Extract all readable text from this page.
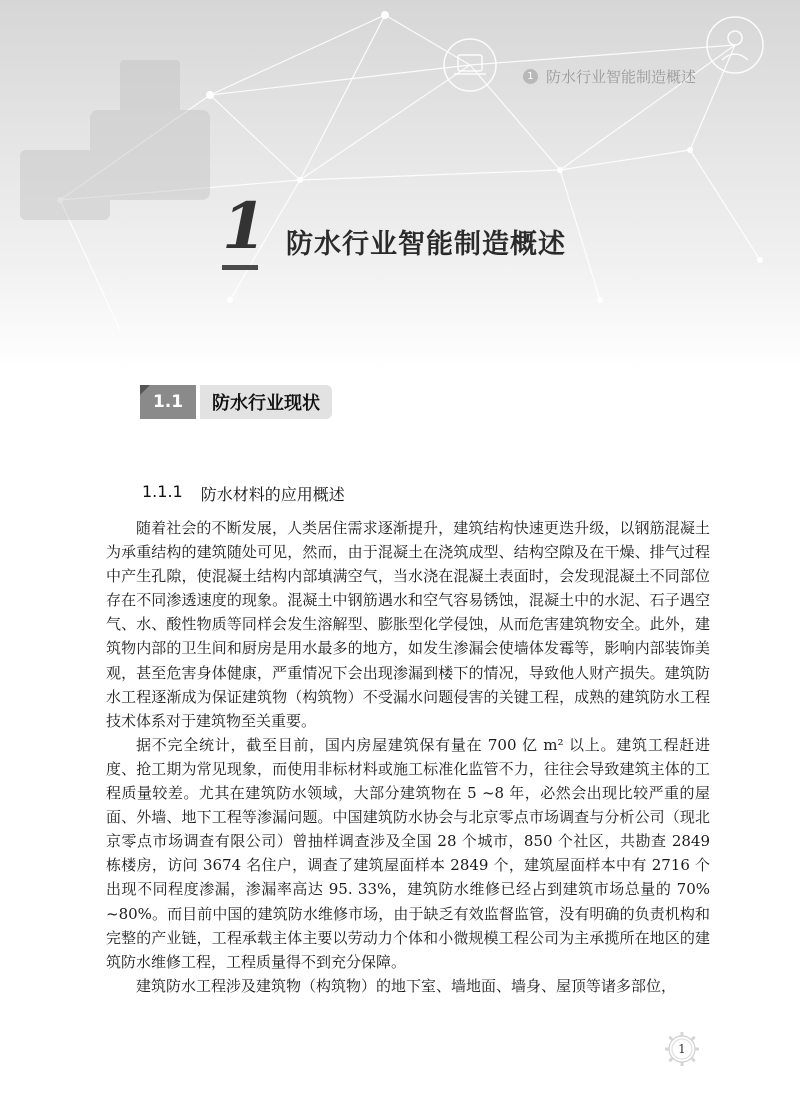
1 防水行业智能制造概述
1 防水行业智能制造概述
1.1	防水行业现状
1.1.1 防水材料的应用概述

随着社会的不断发展，人类居住需求逐渐提升，建筑结构快速更迭升级，以钢筋混凝土为承重结构的建筑随处可见，然而，由于混凝土在浇筑成型、结构空隙及在干燥、排气过程中产生孔隙，使混凝土结构内部填满空气，当水浇在混凝土表面时，会发现混凝土不同部位存在不同渗透速度的现象。混凝土中钢筋遇水和空气容易锈蚀，混凝土中的水泥、石子遇空气、水、酸性物质等同样会发生溶解型、膨胀型化学侵蚀，从而危害建筑物安全。此外，建筑物内部的卫生间和厨房是用水最多的地方，如发生渗漏会使墙体发霉等，影响内部装饰美观，甚至危害身体健康，严重情况下会出现渗漏到楼下的情况，导致他人财产损失。建筑防水工程逐渐成为保证建筑物（构筑物）不受漏水问题侵害的关键工程，成熟的建筑防水工程技术体系对于建筑物至关重要。

据不完全统计，截至目前，国内房屋建筑保有量在 700 亿 m² 以上。建筑工程赶进度、抢工期为常见现象，而使用非标材料或施工标准化监管不力，往往会导致建筑主体的工程质量较差。尤其在建筑防水领域，大部分建筑物在 5 ~8 年，必然会出现比较严重的屋面、外墙、地下工程等渗漏问题。中国建筑防水协会与北京零点市场调查与分析公司（现北京零点市场调查有限公司）曾抽样调查涉及全国 28 个城市，850 个社区，共勘查 2849 栋楼房，访问 3674 名住户，调查了建筑屋面样本 2849 个，建筑屋面样本中有 2716 个出现不同程度渗漏，渗漏率高达 95. 33%，建筑防水维修已经占到建筑市场总量的 70% ~80%。而目前中国的建筑防水维修市场，由于缺乏有效监督监管，没有明确的负责机构和完整的产业链，工程承载主体主要以劳动力个体和小微规模工程公司为主承揽所在地区的建筑防水维修工程，工程质量得不到充分保障。

建筑防水工程涉及建筑物（构筑物）的地下室、墙地面、墙身、屋顶等诸多部位，

1
